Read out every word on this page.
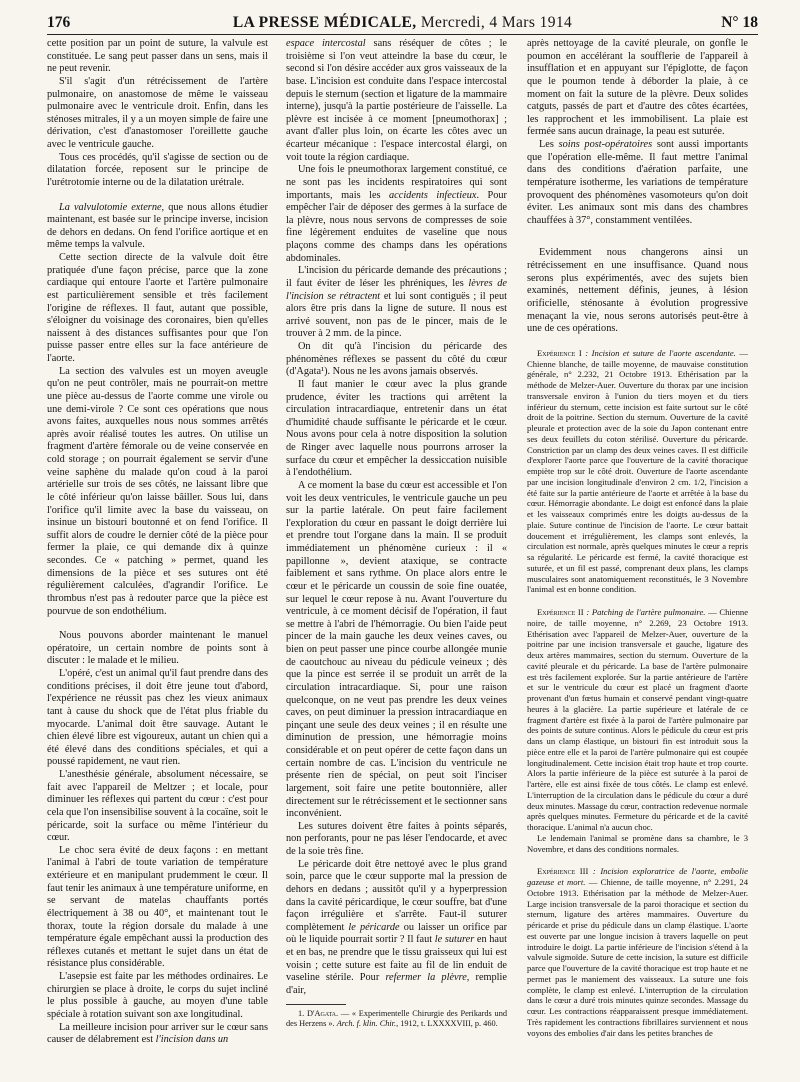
176	LA PRESSE MÉDICALE, Mercredi, 4 Mars 1914	N° 18

cette position par un point de suture, la valvule est constituée. Le sang peut passer dans un sens, mais il ne peut revenir.

S'il s'agit d'un rétrécissement de l'artère pulmonaire, on anastomose de même le vaisseau pulmonaire avec le ventricule droit. Enfin, dans les sténoses mitrales, il y a un moyen simple de faire une dérivation, c'est d'anastomoser l'oreillette gauche avec le ventricule gauche.

Tous ces procédés, qu'il s'agisse de section ou de dilatation forcée, reposent sur le principe de l'urétrotomie interne ou de la dilatation urétrale.

La valvulotomie externe, que nous allons étudier maintenant, est basée sur le principe inverse, incision de dehors en dedans. On fend l'orifice aortique et en même temps la valvule.

Cette section directe de la valvule doit être pratiquée d'une façon précise, parce que la zone cardiaque qui entoure l'aorte et l'artère pulmonaire est particulièrement sensible et très facilement l'origine de réflexes. Il faut, autant que possible, s'éloigner du voisinage des coronaires, bien qu'elles naissent à des distances suffisantes pour que l'on puisse passer entre elles sur la face antérieure de l'aorte.

La section des valvules est un moyen aveugle qu'on ne peut contrôler, mais ne pourrait-on mettre une pièce au-dessus de l'aorte comme une virole ou une demi-virole ? Ce sont ces opérations que nous avons faites, auxquelles nous nous sommes arrêtés après avoir réalisé toutes les autres. On utilise un fragment d'artère fémorale ou de veine conservée en cold storage ; on pourrait également se servir d'une veine saphène du malade qu'on coud à la paroi artérielle sur trois de ses côtés, ne laissant libre que le côté inférieur qu'on laisse bâiller. Sous lui, dans l'orifice qu'il limite avec la base du vaisseau, on insinue un bistouri boutonné et on fend l'orifice. Il suffit alors de coudre le dernier côté de la pièce pour fermer la plaie, ce qui demande dix à quinze secondes. Ce « patching » permet, quand les dimensions de la pièce et ses sutures ont été régulièrement calculées, d'agrandir l'orifice. Le thrombus n'est pas à redouter parce que la pièce est pourvue de son endothélium.

Nous pouvons aborder maintenant le manuel opératoire, un certain nombre de points sont à discuter : le malade et le milieu.

L'opéré, c'est un animal qu'il faut prendre dans des conditions précises, il doit être jeune tout d'abord, l'expérience ne réussit pas chez les vieux animaux tant à cause du shock que de l'état plus friable du myocarde. L'animal doit être sauvage. Autant le chien élevé libre est vigoureux, autant un chien qui a été élevé dans des conditions spéciales, et qui a poussé rapidement, ne vaut rien.

L'anesthésie générale, absolument nécessaire, se fait avec l'appareil de Meltzer ; et locale, pour diminuer les réflexes qui partent du cœur : c'est pour cela que l'on insensibilise souvent à la cocaïne, soit le péricarde, soit la surface ou même l'intérieur du cœur.

Le choc sera évité de deux façons : en mettant l'animal à l'abri de toute variation de température extérieure et en manipulant prudemment le cœur. Il faut tenir les animaux à une température uniforme, en se servant de matelas chauffants portés électriquement à 38 ou 40°, et maintenant tout le thorax, toute la région dorsale du malade à une température égale empêchant aussi la production des réflexes cutanés et mettant le sujet dans un état de résistance plus considérable.

L'asepsie est faite par les méthodes ordinaires. Le chirurgien se place à droite, le corps du sujet incliné le plus possible à gauche, au moyen d'une table spéciale à rotation suivant son axe longitudinal.

La meilleure incision pour arriver sur le cœur sans causer de délabrement est l'incision dans un

espace intercostal sans réséquer de côtes ; le troisième si l'on veut atteindre la base du cœur, le second si l'on désire accéder aux gros vaisseaux de la base. L'incision est conduite dans l'espace intercostal depuis le sternum (section et ligature de la mammaire interne), jusqu'à la partie postérieure de l'aisselle. La plèvre est incisée à ce moment [pneumothorax] ; avant d'aller plus loin, on écarte les côtes avec un écarteur mécanique : l'espace intercostal élargi, on voit toute la région cardiaque.

Une fois le pneumothorax largement constitué, ce ne sont pas les incidents respiratoires qui sont importants, mais les accidents infectieux. Pour empêcher l'air de déposer des germes à la surface de la plèvre, nous nous servons de compresses de soie fine légèrement enduites de vaseline que nous plaçons comme des champs dans les opérations abdominales.

L'incision du péricarde demande des précautions ; il faut éviter de léser les phréniques, les lèvres de l'incision se rétractent et lui sont contiguës ; il peut alors être pris dans la ligne de suture. Il nous est arrivé souvent, non pas de le pincer, mais de le trouver à 2 mm. de la pince.

On dit qu'à l'incision du péricarde des phénomènes réflexes se passent du côté du cœur (d'Agata¹). Nous ne les avons jamais observés.

Il faut manier le cœur avec la plus grande prudence, éviter les tractions qui arrêtent la circulation intracardiaque, entretenir dans un état d'humidité chaude suffisante le péricarde et le cœur. Nous avons pour cela à notre disposition la solution de Ringer avec laquelle nous pourrons arroser la surface du cœur et empêcher la dessiccation nuisible à l'endothélium.

A ce moment la base du cœur est accessible et l'on voit les deux ventricules, le ventricule gauche un peu sur la partie latérale. On peut faire facilement l'exploration du cœur en passant le doigt derrière lui et prendre tout l'organe dans la main. Il se produit immédiatement un phénomène curieux : il « papillonne », devient ataxique, se contracte faiblement et sans rythme. On place alors entre le cœur et le péricarde un coussin de soie fine ouatée, sur lequel le cœur repose à nu. Avant l'ouverture du ventricule, à ce moment décisif de l'opération, il faut se mettre à l'abri de l'hémorragie. Ou bien l'aide peut pincer de la main gauche les deux veines caves, ou bien on peut passer une pince courbe allongée munie de caoutchouc au niveau du pédicule veineux ; dès que la pince est serrée il se produit un arrêt de la circulation intracardiaque. Si, pour une raison quelconque, on ne veut pas prendre les deux veines caves, on peut diminuer la pression intracardiaque en pinçant une seule des deux veines ; il en résulte une diminution de pression, une hémorragie moins considérable et on peut opérer de cette façon dans un certain nombre de cas. L'incision du ventricule ne présente rien de spécial, on peut soit l'inciser largement, soit faire une petite boutonnière, aller directement sur le rétrécissement et le sectionner sans inconvénient.

Les sutures doivent être faites à points séparés, non perforants, pour ne pas léser l'endocarde, et avec de la soie très fine.

Le péricarde doit être nettoyé avec le plus grand soin, parce que le cœur supporte mal la pression de dehors en dedans ; aussitôt qu'il y a hyperpression dans la cavité péricardique, le cœur souffre, bat d'une façon irrégulière et s'arrête. Faut-il suturer complètement le péricarde ou laisser un orifice par où le liquide pourrait sortir ? Il faut le suturer en haut et en bas, ne prendre que le tissu graisseux qui lui est voisin ; cette suture est faite au fil de lin enduit de vaseline stérile. Pour refermer la plèvre, remplie d'air,

1. D'Agata. — « Experimentelle Chirurgie des Perikards und des Herzens ». Arch. f. klin. Chir., 1912, t. LXXXXVIII, p. 460.

après nettoyage de la cavité pleurale, on gonfle le poumon en accélérant la soufflerie de l'appareil à insufflation et en appuyant sur l'épiglotte, de façon que le poumon tende à déborder la plaie, à ce moment on fait la suture de la plèvre. Deux solides catguts, passés de part et d'autre des côtes écartées, les rapprochent et les immobilisent. La plaie est fermée sans aucun drainage, la peau est suturée.

Les soins post-opératoires sont aussi importants que l'opération elle-même. Il faut mettre l'animal dans des conditions d'aération parfaite, une température isotherme, les variations de température provoquent des phénomènes vasomoteurs qu'on doit éviter. Les animaux sont mis dans des chambres chauffées à 37°, constamment ventilées.

Evidemment nous changerons ainsi un rétrécissement en une insuffisance. Quand nous serons plus expérimentés, avec des sujets bien examinés, nettement définis, jeunes, à lésion orificielle, sténosante à évolution progressive menaçant la vie, nous serons autorisés peut-être à une de ces opérations.

Expérience I : Incision et suture de l'aorte ascendante. — Chienne blanche, de taille moyenne, de mauvaise constitution générale, n° 2.232, 21 Octobre 1913. Ethérisation par la méthode de Melzer-Auer. Ouverture du thorax par une incision transversale environ à l'union du tiers moyen et du tiers inférieur du sternum, cette incision est faite surtout sur le côté droit de la poitrine. Section du sternum. Ouverture de la cavité pleurale et protection avec de la soie du Japon contenant entre ses deux feuillets du coton stérilisé. Ouverture du péricarde. Constriction par un clamp des deux veines caves. Il est difficile d'explorer l'aorte parce que l'ouverture de la cavité thoracique empiète trop sur le côté droit. Ouverture de l'aorte ascendante par une incision longitudinale d'environ 2 cm. 1/2, l'incision a été faite sur la partie antérieure de l'aorte et arrêtée à la base du cœur. Hémorragie abondante. Le doigt est enfoncé dans la plaie et les vaisseaux comprimés entre les doigts au-dessus de la plaie. Suture continue de l'incision de l'aorte. Le cœur battait doucement et irrégulièrement, les clamps sont enlevés, la circulation est normale, après quelques minutes le cœur a repris sa régularité. Le péricarde est fermé, la cavité thoracique est suturée, et un fil est passé, comprenant deux plans, les clamps musculaires sont anatomiquement reconstitués, le 3 Novembre l'animal est en bonne condition.

Expérience II : Patching de l'artère pulmonaire. — Chienne noire, de taille moyenne, n° 2.269, 23 Octobre 1913. Ethérisation avec l'appareil de Melzer-Auer, ouverture de la poitrine par une incision transversale et gauche, ligature des deux artères mammaires, section du sternum. Ouverture de la cavité pleurale et du péricarde. La base de l'artère pulmonaire est très facilement explorée. Sur la partie antérieure de l'artère et sur le ventricule du cœur est placé un fragment d'aorte provenant d'un fœtus humain et conservé pendant vingt-quatre heures à la glacière. La partie supérieure et latérale de ce fragment d'artère est fixée à la paroi de l'artère pulmonaire par des points de suture continus. Alors le pédicule du cœur est pris dans un clamp élastique, un bistouri fin est introduit sous la pièce entre elle et la paroi de l'artère pulmonaire qui est coupée longitudinalement. Cette incision était trop haute et trop courte. Alors la partie inférieure de la pièce est suturée à la paroi de l'artère, elle est ainsi fixée de tous côtés. Le clamp est enlevé. L'interruption de la circulation dans le pédicule du cœur a duré deux minutes. Massage du cœur, contraction redevenue normale après quelques minutes. Fermeture du péricarde et de la cavité thoracique. L'animal n'a aucun choc.

Le lendemain l'animal se promène dans sa chambre, le 3 Novembre, et dans des conditions normales.

Expérience III : Incision exploratrice de l'aorte, embolie gazeuse et mort. — Chienne, de taille moyenne, n° 2.291, 24 Octobre 1913. Ethérisation par la méthode de Melzer-Auer. Large incision transversale de la paroi thoracique et section du sternum, ligature des artères mammaires. Ouverture du péricarde et prise du pédicule dans un clamp élastique. L'aorte est ouverte par une longue incision à travers laquelle on peut introduire le doigt. La partie inférieure de l'incision s'étend à la valvule sigmoïde. Suture de cette incision, la suture est difficile parce que l'ouverture de la cavité thoracique est trop haute et ne permet pas le maniement des vaisseaux. La suture une fois complète, le clamp est enlevé. L'interruption de la circulation dans le cœur a duré trois minutes quinze secondes. Massage du cœur. Les contractions réapparaissent presque immédiatement. Très rapidement les contractions fibrillaires surviennent et nous voyons des embolies d'air dans les petites branches de
